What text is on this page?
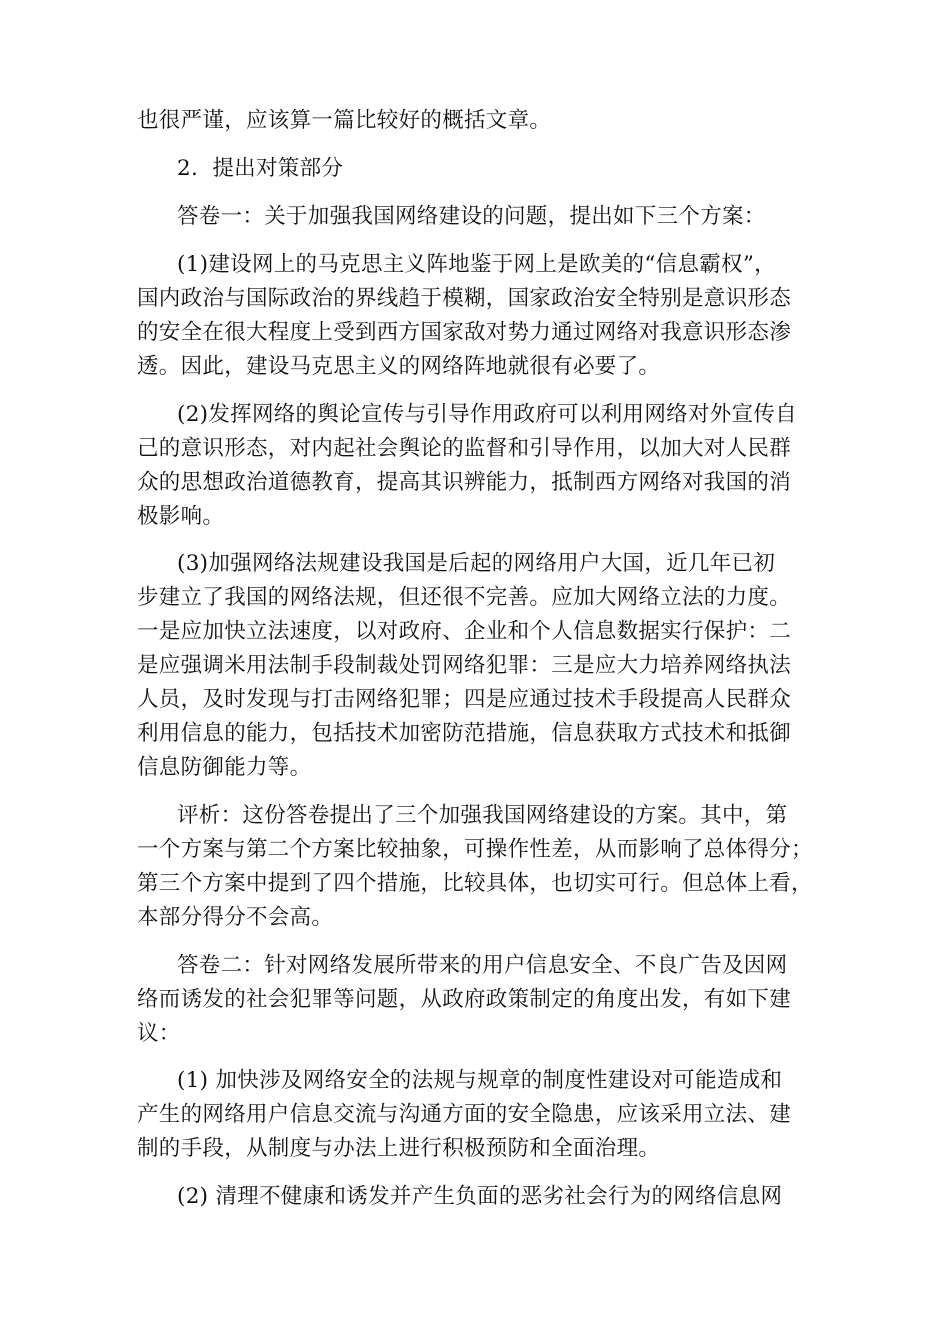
也很严谨，应该算一篇比较好的概括文章。
2.  提出对策部分
答卷一：关于加强我国网络建设的问题，提出如下三个方案：
(1)建设网上的马克思主义阵地鉴于网上是欧美的“信息霸权”，
国内政治与国际政治的界线趋于模糊，国家政治安全特别是意识形态
的安全在很大程度上受到西方国家敌对势力通过网络对我意识形态渗
透。因此，建设马克思主义的网络阵地就很有必要了。
(2)发挥网络的舆论宣传与引导作用政府可以利用网络对外宣传自
己的意识形态，对内起社会舆论的监督和引导作用，以加大对人民群
众的思想政治道德教育，提高其识辨能力，抵制西方网络对我国的消
极影响。
(3)加强网络法规建设我国是后起的网络用户大国，近几年已初
步建立了我国的网络法规，但还很不完善。应加大网络立法的力度。
一是应加快立法速度，以对政府、企业和个人信息数据实行保护：二
是应强调米用法制手段制裁处罚网络犯罪：三是应大力培养网络执法
人员，及时发现与打击网络犯罪；四是应通过技术手段提高人民群众
利用信息的能力，包括技术加密防范措施，信息获取方式技术和抵御
信息防御能力等。
评析：这份答卷提出了三个加强我国网络建设的方案。其中，第
一个方案与第二个方案比较抽象，可操作性差，从而影响了总体得分；
第三个方案中提到了四个措施，比较具体，也切实可行。但总体上看，
本部分得分不会高。
答卷二：针对网络发展所带来的用户信息安全、不良广告及因网
络而诱发的社会犯罪等问题，从政府政策制定的角度出发，有如下建
议：
(1) 加快涉及网络安全的法规与规章的制度性建设对可能造成和
产生的网络用户信息交流与沟通方面的安全隐患，应该采用立法、建
制的手段，从制度与办法上进行积极预防和全面治理。
(2) 清理不健康和诱发并产生负面的恶劣社会行为的网络信息网
